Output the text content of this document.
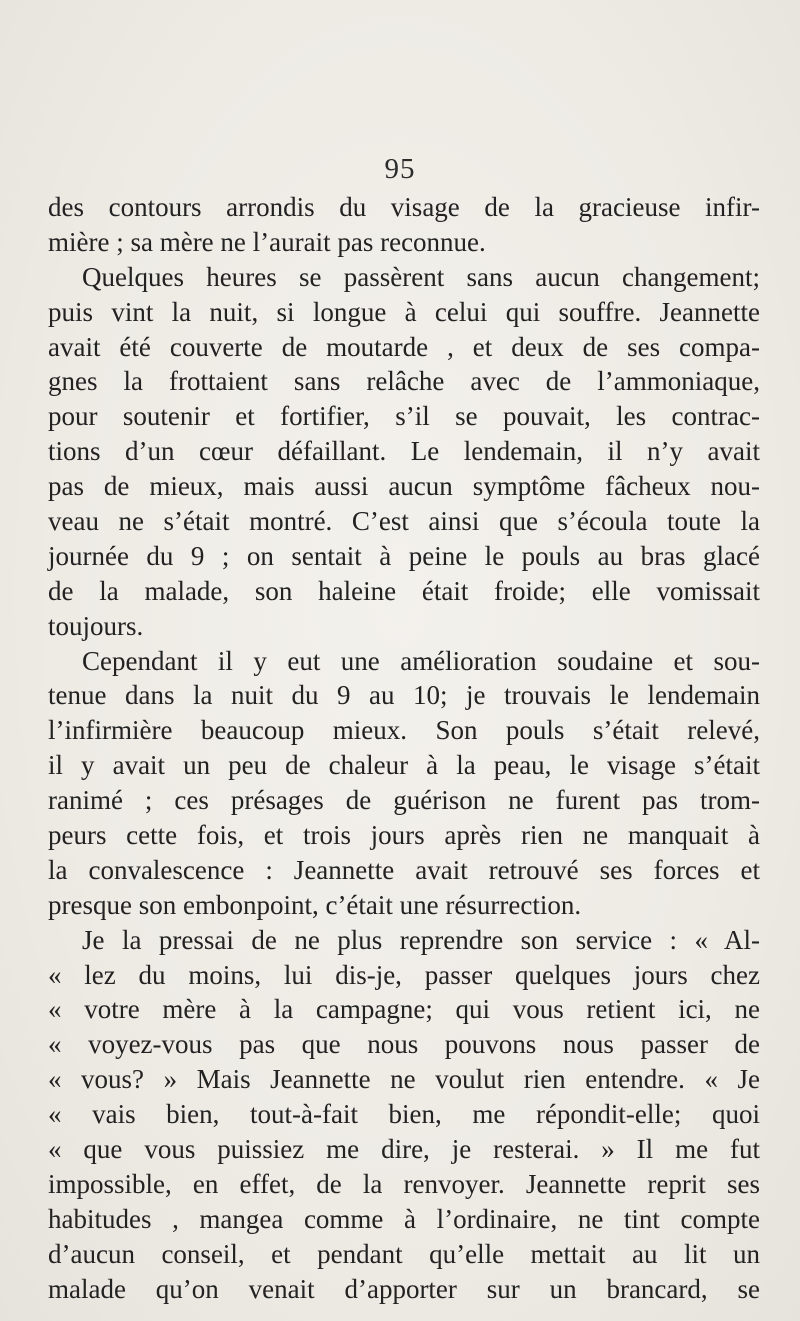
95
des contours arrondis du visage de la gracieuse infir-
mière ; sa mère ne l’aurait pas reconnue.
Quelques heures se passèrent sans aucun changement;
puis vint la nuit, si longue à celui qui souffre. Jeannette
avait été couverte de moutarde , et deux de ses compa-
gnes la frottaient sans relâche avec de l’ammoniaque,
pour soutenir et fortifier, s’il se pouvait, les contrac-
tions d’un cœur défaillant. Le lendemain, il n’y avait
pas de mieux, mais aussi aucun symptôme fâcheux nou-
veau ne s’était montré. C’est ainsi que s’écoula toute la
journée du 9 ; on sentait à peine le pouls au bras glacé
de la malade, son haleine était froide; elle vomissait
toujours.
Cependant il y eut une amélioration soudaine et sou-
tenue dans la nuit du 9 au 10; je trouvais le lendemain
l’infirmière beaucoup mieux. Son pouls s’était relevé,
il y avait un peu de chaleur à la peau, le visage s’était
ranimé ; ces présages de guérison ne furent pas trom-
peurs cette fois, et trois jours après rien ne manquait à
la convalescence : Jeannette avait retrouvé ses forces et
presque son embonpoint, c’était une résurrection.
Je la pressai de ne plus reprendre son service : « Al-
« lez du moins, lui dis-je, passer quelques jours chez
« votre mère à la campagne; qui vous retient ici, ne
« voyez-vous pas que nous pouvons nous passer de
« vous? » Mais Jeannette ne voulut rien entendre. « Je
« vais bien, tout-à-fait bien, me répondit-elle; quoi
« que vous puissiez me dire, je resterai. » Il me fut
impossible, en effet, de la renvoyer. Jeannette reprit ses
habitudes , mangea comme à l’ordinaire, ne tint compte
d’aucun conseil, et pendant qu’elle mettait au lit un
malade qu’on venait d’apporter sur un brancard, se
